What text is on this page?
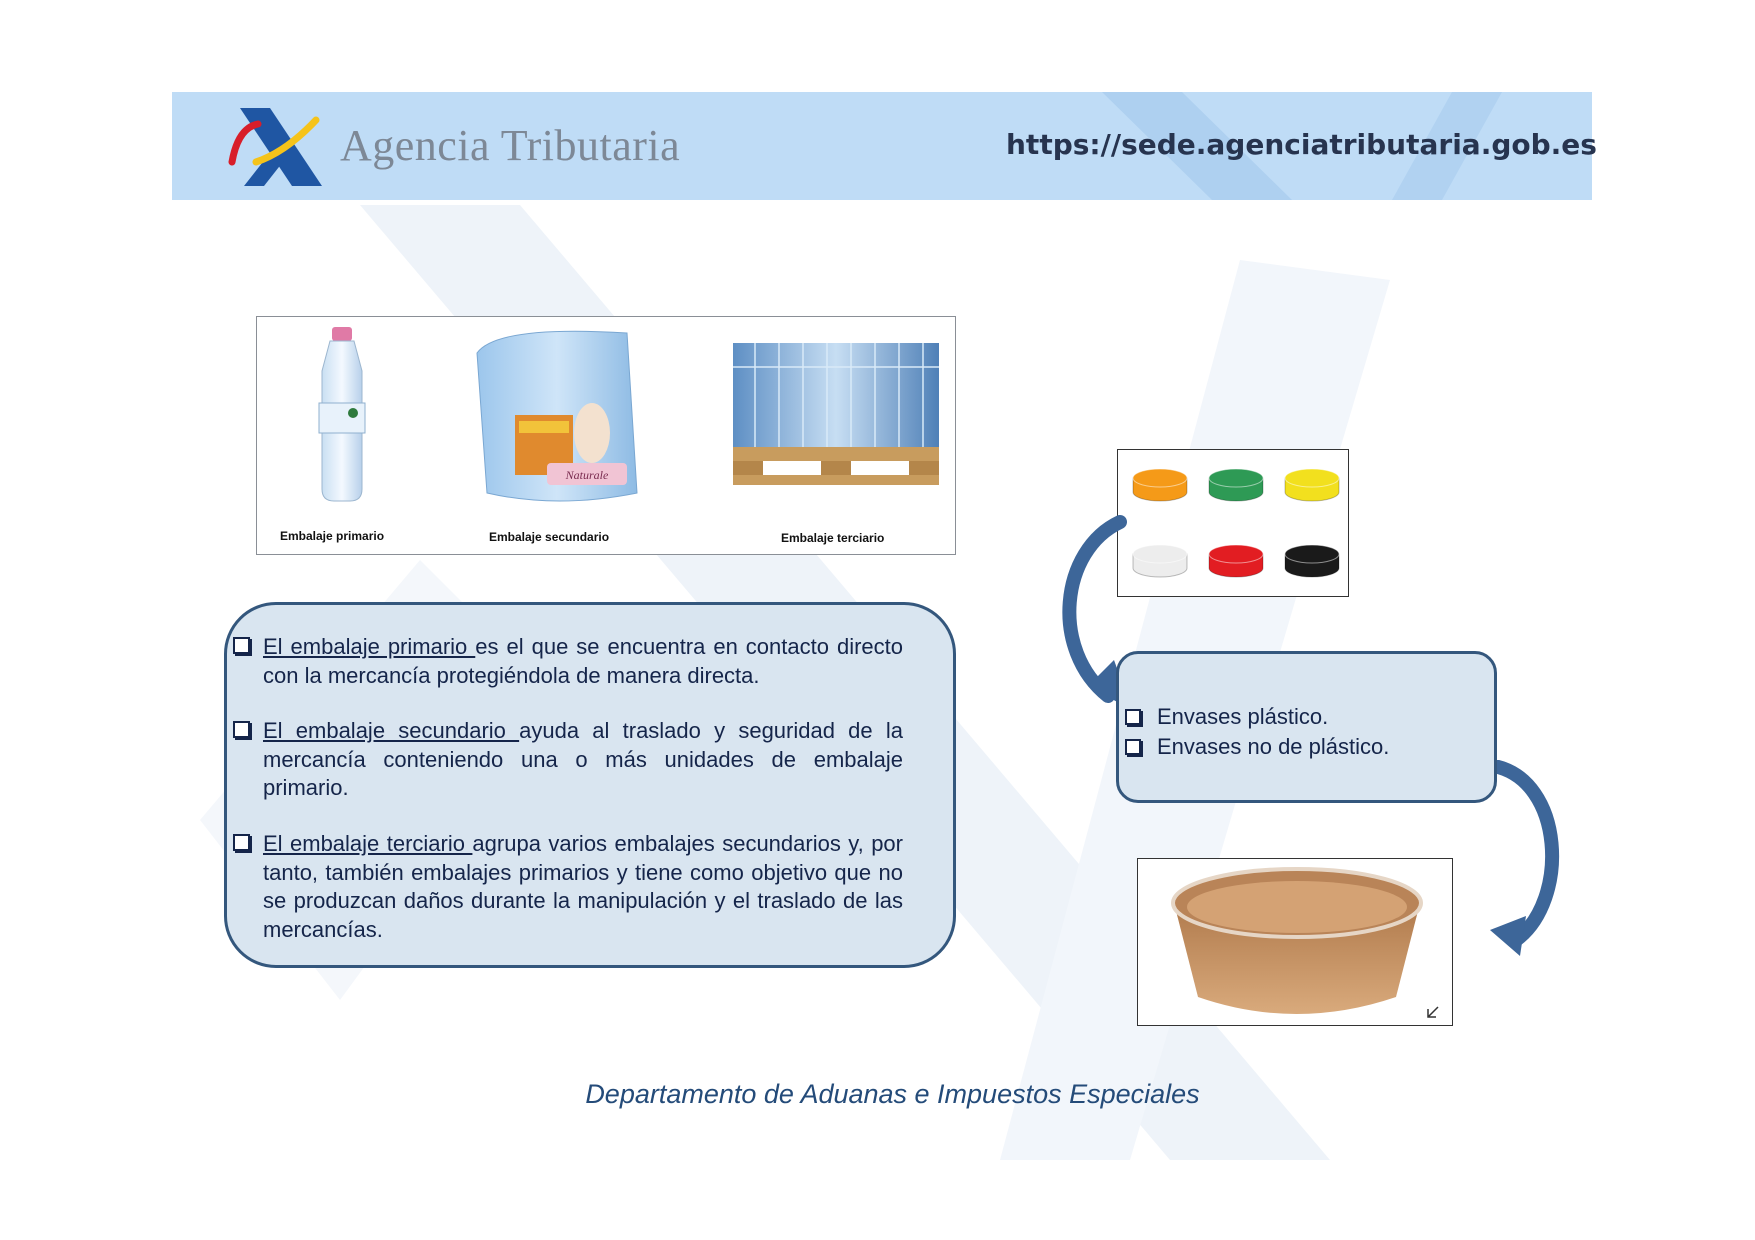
Agencia Tributaria	https://sede.agenciatributaria.gob.es
Naturale
Embalaje primario	Embalaje secundario	Embalaje terciario
El embalaje primario es el que se encuentra en contacto directo con la mercancía protegiéndola de manera directa.
El embalaje secundario ayuda al traslado y seguridad de la mercancía conteniendo una o más unidades de embalaje primario.
El embalaje terciario agrupa varios embalajes secundarios y, por tanto, también embalajes primarios y tiene como objetivo que no se produzcan daños durante la manipulación y el traslado de las mercancías.
Envases plástico.
Envases no de plástico.
Departamento de Aduanas e Impuestos Especiales
